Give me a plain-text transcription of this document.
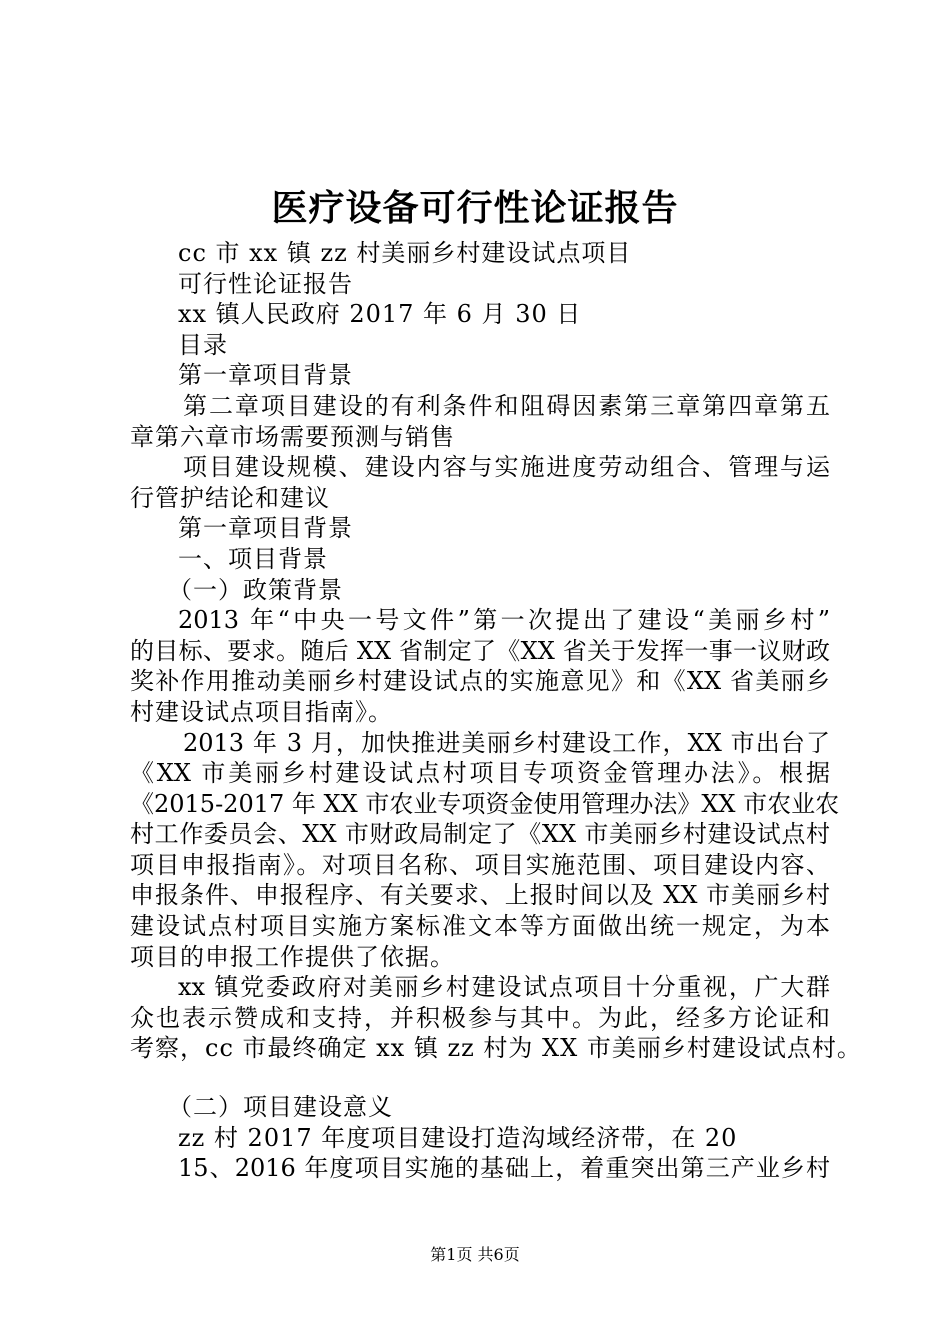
医疗设备可行性论证报告
cc 市 xx 镇 zz 村美丽乡村建设试点项目
可行性论证报告
xx 镇人民政府 2017 年 6 月 30 日
目录
第一章项目背景
第二章项目建设的有利条件和阻碍因素第三章第四章第五
章第六章市场需要预测与销售
项目建设规模、建设内容与实施进度劳动组合、管理与运
行管护结论和建议
第一章项目背景
一、项目背景
（一）政策背景
2013 年“中央一号文件”第一次提出了建设“美丽乡村”
的目标、要求。随后 XX 省制定了《XX 省关于发挥一事一议财政
奖补作用推动美丽乡村建设试点的实施意见》和《XX 省美丽乡
村建设试点项目指南》。
2013 年 3 月，加快推进美丽乡村建设工作，XX 市出台了
《XX 市美丽乡村建设试点村项目专项资金管理办法》。根据
《2015-2017 年 XX 市农业专项资金使用管理办法》XX 市农业农
村工作委员会、XX 市财政局制定了《XX 市美丽乡村建设试点村
项目申报指南》。对项目名称、项目实施范围、项目建设内容、
申报条件、申报程序、有关要求、上报时间以及 XX 市美丽乡村
建设试点村项目实施方案标准文本等方面做出统一规定，为本
项目的申报工作提供了依据。
xx 镇党委政府对美丽乡村建设试点项目十分重视，广大群
众也表示赞成和支持，并积极参与其中。为此，经多方论证和
考察，cc 市最终确定 xx 镇 zz 村为 XX 市美丽乡村建设试点村。
（二）项目建设意义
zz 村 2017 年度项目建设打造沟域经济带，在 20
15、2016 年度项目实施的基础上，着重突出第三产业乡村
第1页 共6页
